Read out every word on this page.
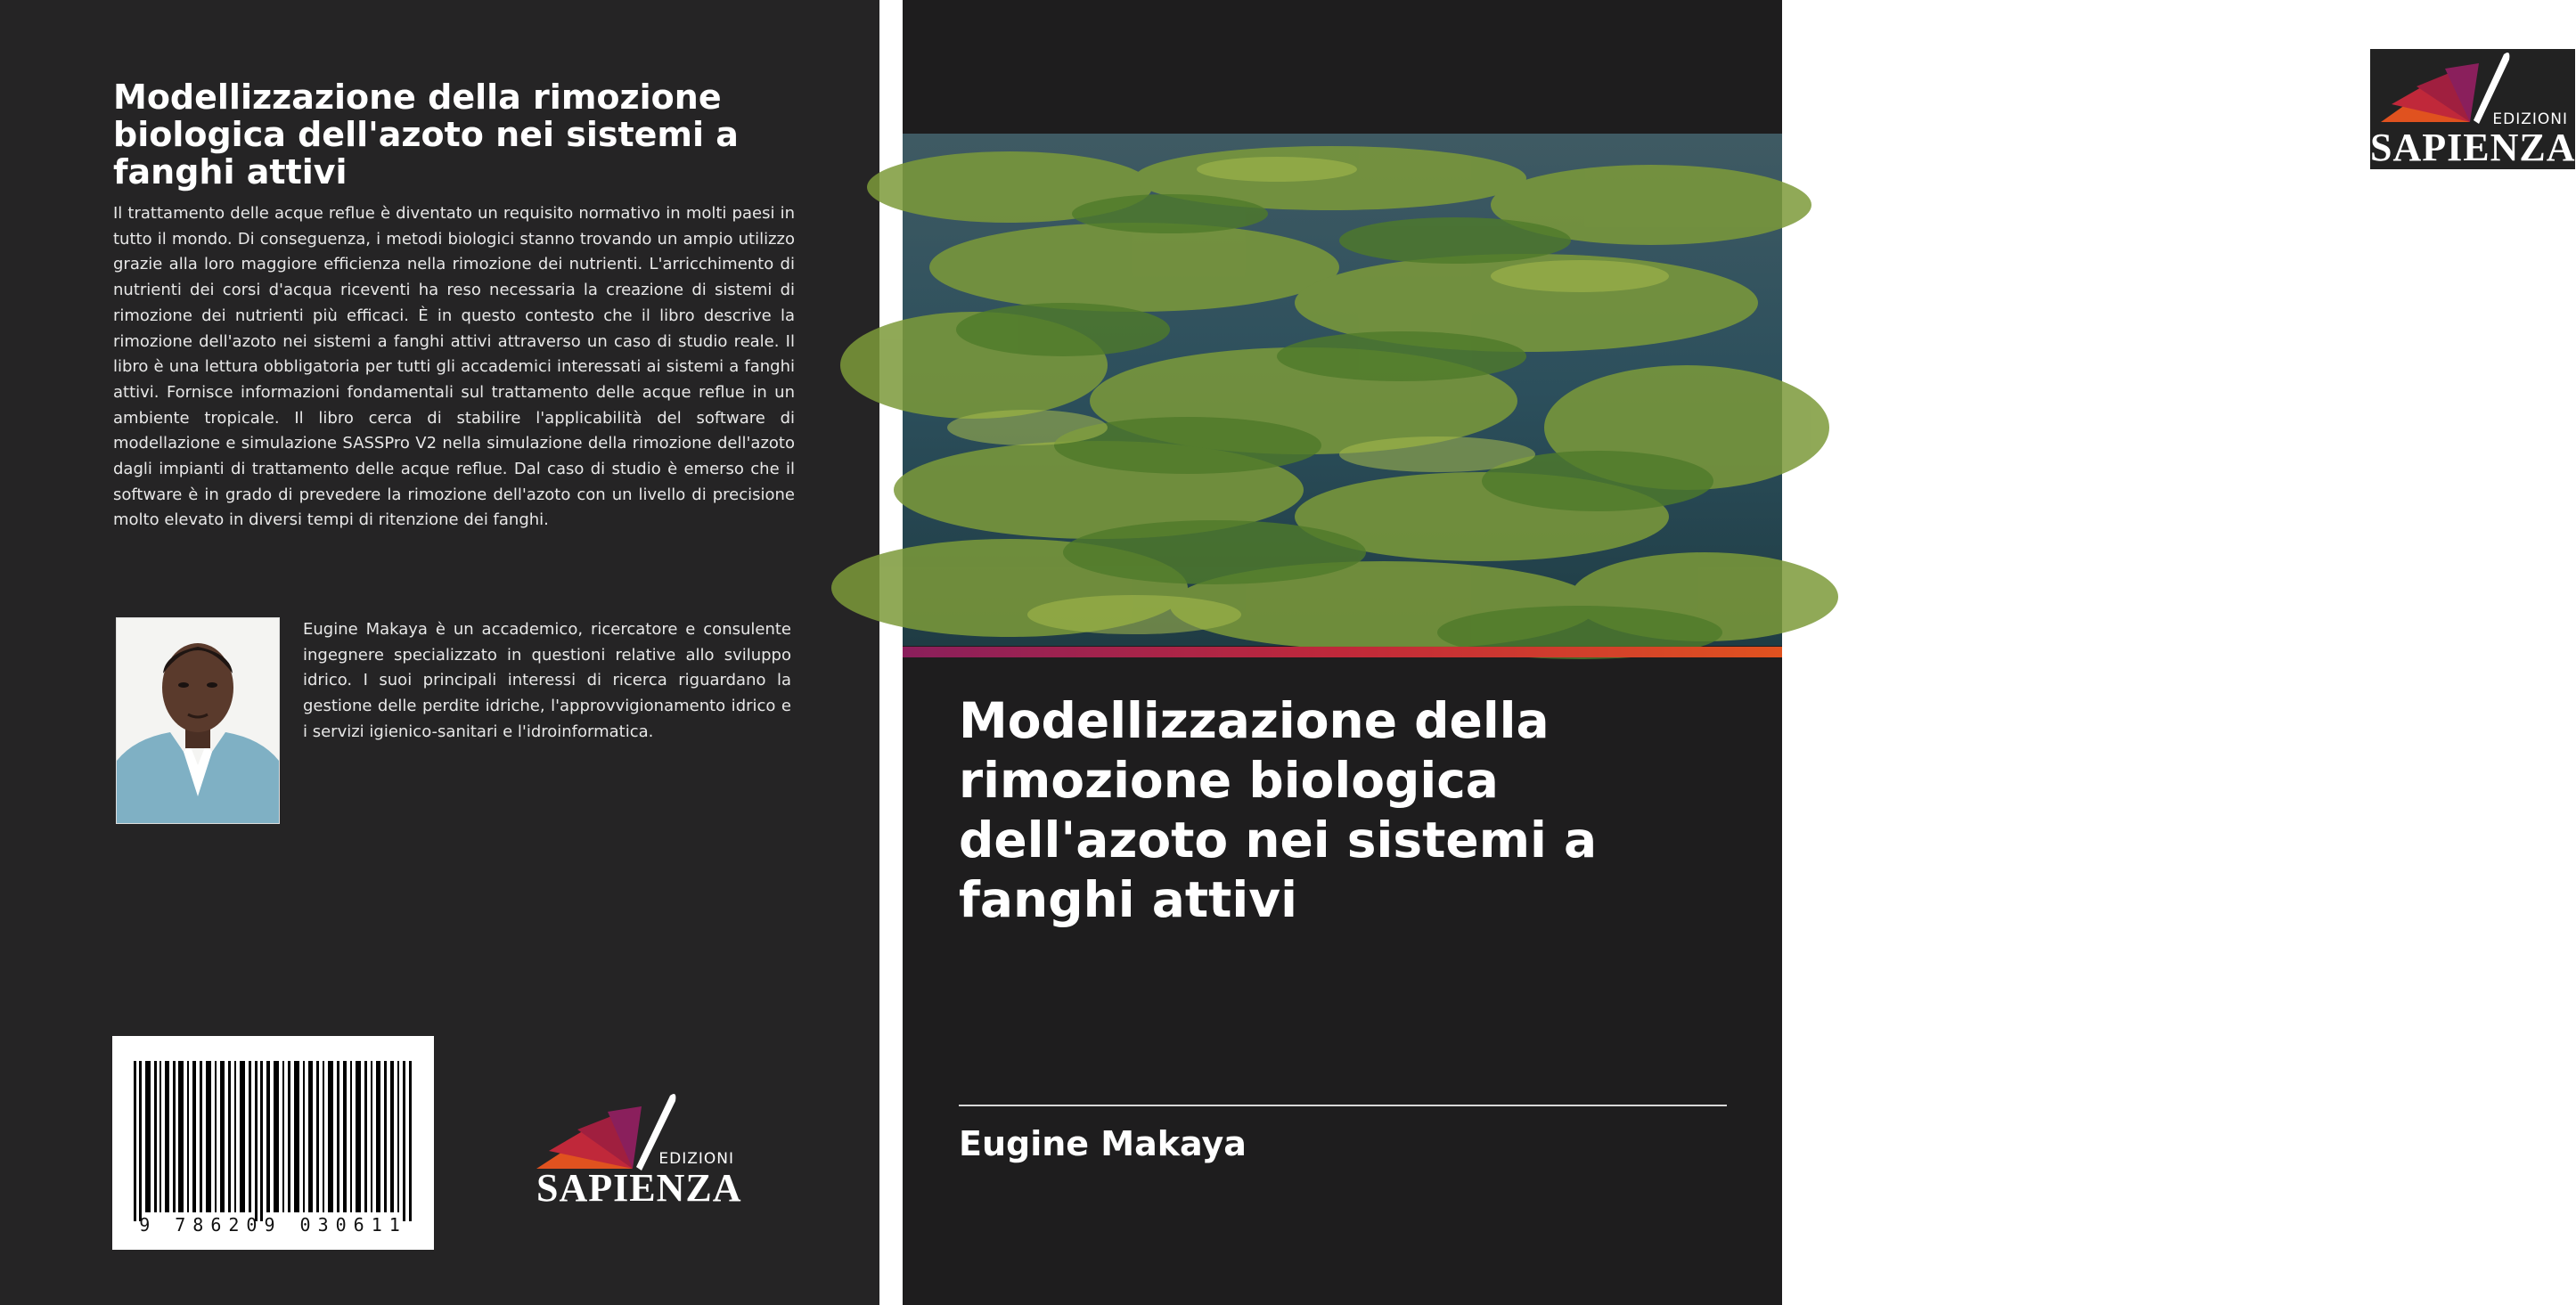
Modellizzazione della rimozione biologica dell'azoto nei sistemi a fanghi attivi

Il trattamento delle acque reflue è diventato un requisito normativo in molti paesi in tutto il mondo. Di conseguenza, i metodi biologici stanno trovando un ampio utilizzo grazie alla loro maggiore efficienza nella rimozione dei nutrienti. L'arricchimento di nutrienti dei corsi d'acqua riceventi ha reso necessaria la creazione di sistemi di rimozione dei nutrienti più efficaci. È in questo contesto che il libro descrive la rimozione dell'azoto nei sistemi a fanghi attivi attraverso un caso di studio reale. Il libro è una lettura obbligatoria per tutti gli accademici interessati ai sistemi a fanghi attivi. Fornisce informazioni fondamentali sul trattamento delle acque reflue in un ambiente tropicale. Il libro cerca di stabilire l'applicabilità del software di modellazione e simulazione SASSPro V2 nella simulazione della rimozione dell'azoto dagli impianti di trattamento delle acque reflue. Dal caso di studio è emerso che il software è in grado di prevedere la rimozione dell'azoto con un livello di precisione molto elevato in diversi tempi di ritenzione dei fanghi.

Eugine Makaya è un accademico, ricercatore e consulente ingegnere specializzato in questioni relative allo sviluppo idrico. I suoi principali interessi di ricerca riguardano la gestione delle perdite idriche, l'approvvigionamento idrico e i servizi igienico-sanitari e l'idroinformatica.

9 786209 030611
EDIZIONI
SAPIENZA
EDIZIONI
SAPIENZA
Modellizzazione della rimozione biologica dell'azoto nei sistemi a fanghi attivi

Eugine Makaya
